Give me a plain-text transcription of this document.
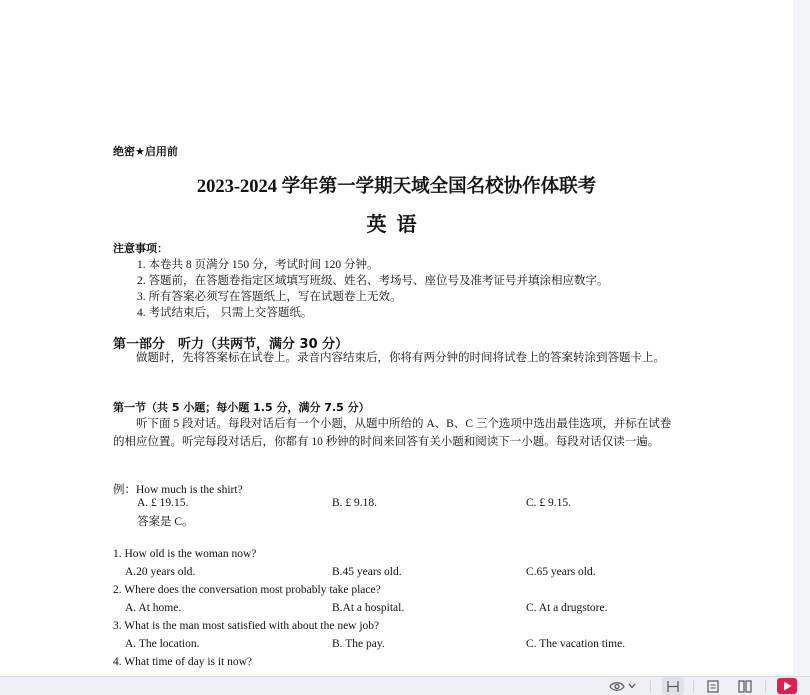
绝密★启用前
2023-2024 学年第一学期天域全国名校协作体联考
英语
注意事项：
1. 本卷共 8 页满分 150 分，考试时间 120 分钟。
2. 答题前，在答题卷指定区域填写班级、姓名、考场号、座位号及准考证号并填涂相应数字。
3. 所有答案必须写在答题纸上，写在试题卷上无效。
4. 考试结束后， 只需上交答题纸。
第一部分　听力（共两节，满分 30 分）
做题时，先将答案标在试卷上。录音内容结束后，你将有两分钟的时间将试卷上的答案转涂到答题卡上。
第一节（共 5 小题；每小题 1.5 分，满分 7.5 分）
听下面 5 段对话。每段对话后有一个小题，从题中所给的 A、B、C 三个选项中选出最佳选项，并标在试卷的相应位置。听完每段对话后，你都有 10 秒钟的时间来回答有关小题和阅读下一小题。每段对话仅读一遍。
例：How much is the shirt?
A. £ 19.15.	B. £ 9.18.	C. £ 9.15.
答案是 C。
1. How old is the woman now?
A.20 years old.	B.45 years old.	C.65 years old.
2. Where does the conversation most probably take place?
A. At home.	B.At a hospital.	C. At a drugstore.
3. What is the man most satisfied with about the new job?
A. The location.	B. The pay.	C. The vacation time.
4. What time of day is it now?
